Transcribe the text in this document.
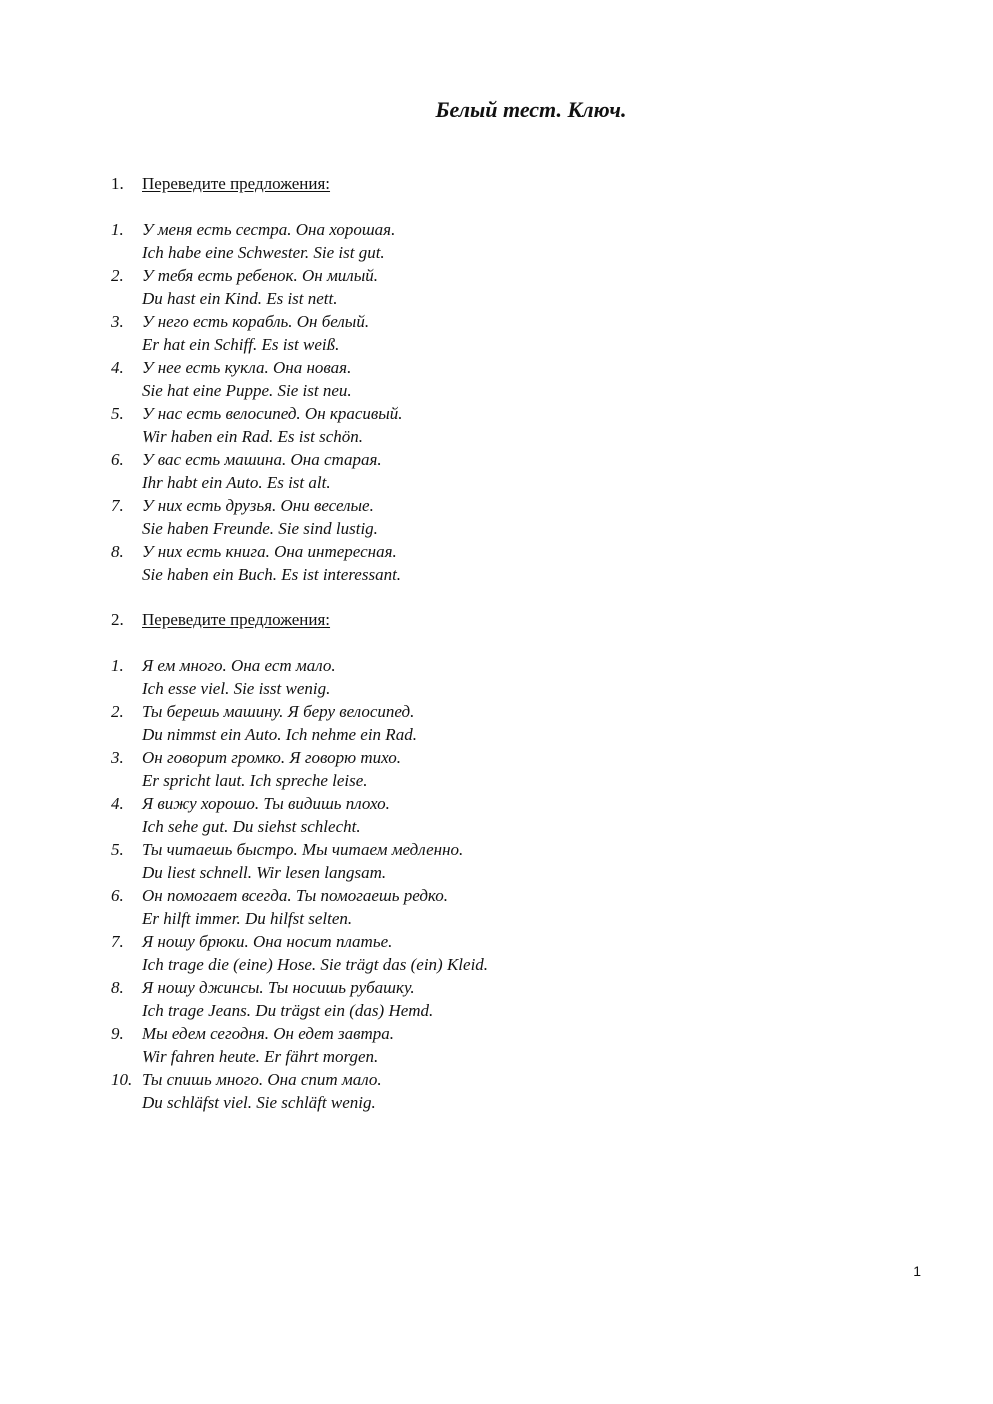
Белый тест. Ключ.
1. Переведите предложения:
1. У меня есть сестра. Она хорошая.
Ich habe eine Schwester. Sie ist gut.
2. У тебя есть ребенок. Он милый.
Du hast ein Kind. Es ist nett.
3. У него есть корабль. Он белый.
Er hat ein Schiff. Es ist weiß.
4. У нее есть кукла. Она новая.
Sie hat eine Puppe. Sie ist neu.
5. У нас есть велосипед. Он красивый.
Wir haben ein Rad. Es ist schön.
6. У вас есть машина. Она старая.
Ihr habt ein Auto. Es ist alt.
7. У них есть друзья. Они веселые.
Sie haben Freunde. Sie sind lustig.
8. У них есть книга. Она интересная.
Sie haben ein Buch. Es ist interessant.
2. Переведите предложения:
1. Я ем много. Она ест мало.
Ich esse viel. Sie isst wenig.
2. Ты берешь машину. Я беру велосипед.
Du nimmst ein Auto. Ich nehme ein Rad.
3. Он говорит громко. Я говорю тихо.
Er spricht laut. Ich spreche leise.
4. Я вижу хорошо. Ты видишь плохо.
Ich sehe gut. Du siehst schlecht.
5. Ты читаешь быстро. Мы читаем медленно.
Du liest schnell. Wir lesen langsam.
6. Он помогает всегда. Ты помогаешь редко.
Er hilft immer. Du hilfst selten.
7. Я ношу брюки. Она носит платье.
Ich trage die (eine) Hose. Sie trägt das (ein) Kleid.
8. Я ношу джинсы. Ты носишь рубашку.
Ich trage Jeans. Du trägst ein (das) Hemd.
9. Мы едем сегодня. Он едет завтра.
Wir fahren heute. Er fährt morgen.
10. Ты спишь много. Она спит мало.
Du schläfst viel. Sie schläft wenig.
1
